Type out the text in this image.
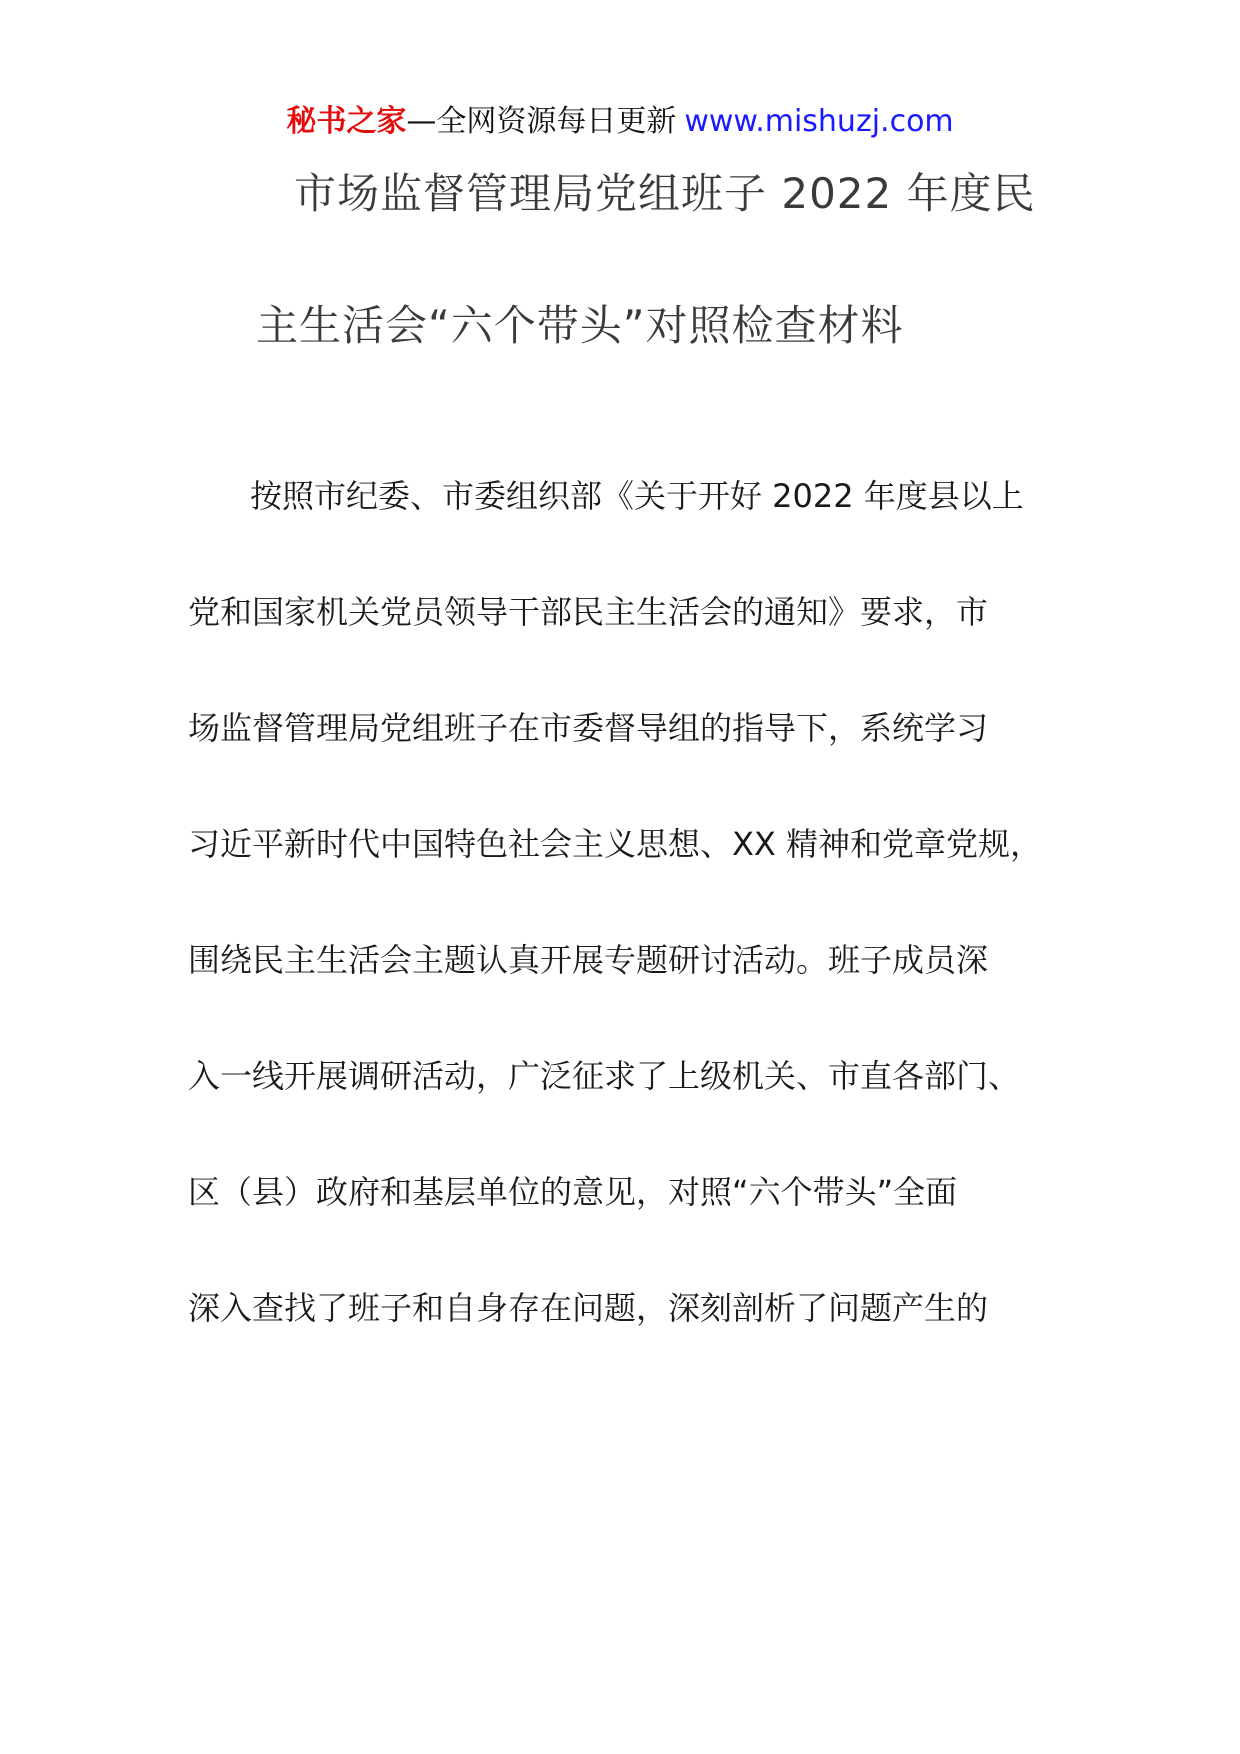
秘书之家—全网资源每日更新 www.mishuzj.com
市场监督管理局党组班子 2022 年度民
主生活会“六个带头”对照检查材料
按照市纪委、市委组织部《关于开好 2022 年度县以上
党和国家机关党员领导干部民主生活会的通知》要求，市
场监督管理局党组班子在市委督导组的指导下，系统学习
习近平新时代中国特色社会主义思想、XX 精神和党章党规，
围绕民主生活会主题认真开展专题研讨活动。班子成员深
入一线开展调研活动，广泛征求了上级机关、市直各部门、
区（县）政府和基层单位的意见，对照“六个带头”全面
深入查找了班子和自身存在问题，深刻剖析了问题产生的
